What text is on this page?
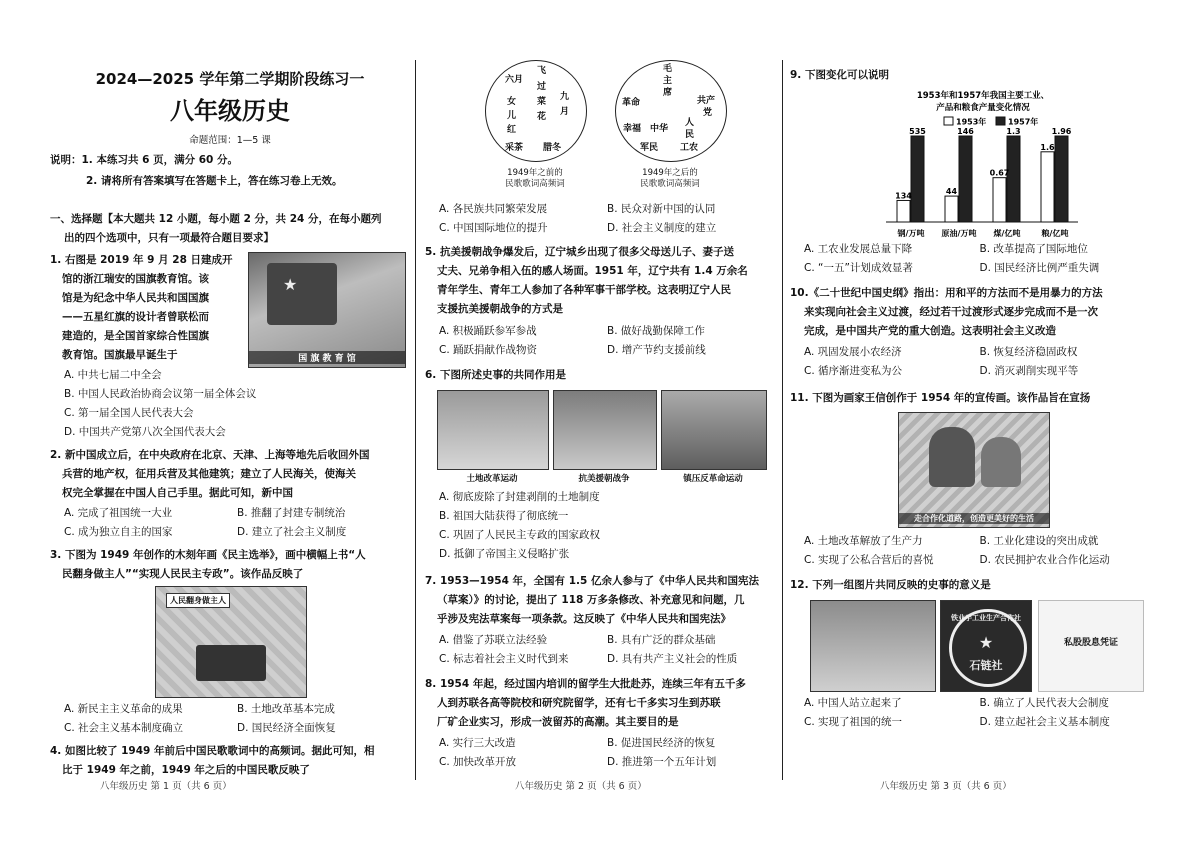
2024—2025 学年第二学期阶段练习一
八年级历史
命题范围：1—5 课
说明：1. 本练习共 6 页，满分 60 分。
2. 请将所有答案填写在答题卡上，答在练习卷上无效。
一、选择题【本大题共 12 小题，每小题 2 分，共 24 分，在每小题列
出的四个选项中，只有一项最符合题目要求】
1. 右图是 2019 年 9 月 28 日建成开
馆的浙江瑞安的国旗教育馆。该
馆是为纪念中华人民共和国国旗
——五星红旗的设计者曾联松而
建造的，是全国首家综合性国旗
教育馆。国旗最早诞生于
★
国 旗 教 育 馆
A. 中共七届二中全会
B. 中国人民政治协商会议第一届全体会议
C. 第一届全国人民代表大会
D. 中国共产党第八次全国代表大会
2. 新中国成立后，在中央政府在北京、天津、上海等地先后收回外国
兵营的地产权，征用兵营及其他建筑；建立了人民海关，使海关
权完全掌握在中国人自己手里。据此可知，新中国
A. 完成了祖国统一大业	B. 推翻了封建专制统治
C. 成为独立自主的国家	D. 建立了社会主义制度
3. 下图为 1949 年创作的木刻年画《民主选举》，画中横幅上书“人
民翻身做主人”“实现人民民主专政”。该作品反映了
人民翻身做主人
A. 新民主主义革命的成果	B. 土地改革基本完成
C. 社会主义基本制度确立	D. 国民经济全面恢复
4. 如图比较了 1949 年前后中国民歌歌词中的高频词。据此可知，相
比于 1949 年之前，1949 年之后的中国民歌反映了
八年级历史 第 1 页（共 6 页）
六月
飞
女
过
九
儿
菜
月
红
花
采茶 腊冬
1949年之前的
民歌歌词高频词
毛
主
席
革命	共产
党
幸福 中华
人
民
军民 工农
1949年之后的
民歌歌词高频词
A. 各民族共同繁荣发展	B. 民众对新中国的认同
C. 中国国际地位的提升	D. 社会主义制度的建立
5. 抗美援朝战争爆发后，辽宁城乡出现了很多父母送儿子、妻子送
丈夫、兄弟争相入伍的感人场面。1951 年，辽宁共有 1.4 万余名
青年学生、青年工人参加了各种军事干部学校。这表明辽宁人民
支援抗美援朝战争的方式是
A. 积极踊跃参军参战	B. 做好战勤保障工作
C. 踊跃捐献作战物资	D. 增产节约支援前线
6. 下图所述史事的共同作用是
土地改革运动	抗美援朝战争	镇压反革命运动
A. 彻底废除了封建剥削的土地制度
B. 祖国大陆获得了彻底统一
C. 巩固了人民民主专政的国家政权
D. 抵御了帝国主义侵略扩张
7. 1953—1954 年，全国有 1.5 亿余人参与了《中华人民共和国宪法
（草案）》的讨论，提出了 118 万多条修改、补充意见和问题，几
乎涉及宪法草案每一项条款。这反映了《中华人民共和国宪法》
A. 借鉴了苏联立法经验	B. 具有广泛的群众基础
C. 标志着社会主义时代到来	D. 具有共产主义社会的性质
8. 1954 年起，经过国内培训的留学生大批赴苏，连续三年有五千多
人到苏联各高等院校和研究院留学，还有七千多实习生到苏联
厂矿企业实习，形成一波留苏的高潮。其主要目的是
A. 实行三大改造	B. 促进国民经济的恢复
C. 加快改革开放	D. 推进第一个五年计划
八年级历史 第 2 页（共 6 页）
9. 下图变化可以说明
1953年和1957年我国主要工业、
产品和粮食产量变化情况
1953年	1957年
134
535
钢/万吨
44
146
原油/万吨
0.67
1.3
煤/亿吨
1.6
1.96
粮/亿吨
A. 工农业发展总量下降	B. 改革提高了国际地位
C. “一五”计划成效显著	D. 国民经济比例严重失调
10.《二十世纪中国史纲》指出：用和平的方法而不是用暴力的方法
来实现向社会主义过渡，经过若干过渡形式逐步完成而不是一次
完成，是中国共产党的重大创造。这表明社会主义改造
A. 巩固发展小农经济	B. 恢复经济稳固政权
C. 循序渐进变私为公	D. 消灭剥削实现平等
11. 下图为画家王信创作于 1954 年的宣传画。该作品旨在宣扬
走合作化道路，创造更美好的生活
A. 土地改革解放了生产力	B. 工业化建设的突出成就
C. 实现了公私合营后的喜悦	D. 农民拥护农业合作化运动
12. 下列一组图片共同反映的史事的意义是
铁业手工业生产合作社
★
石链社
私股股息凭证
A. 中国人站立起来了	B. 确立了人民代表大会制度
C. 实现了祖国的统一	D. 建立起社会主义基本制度
八年级历史 第 3 页（共 6 页）
